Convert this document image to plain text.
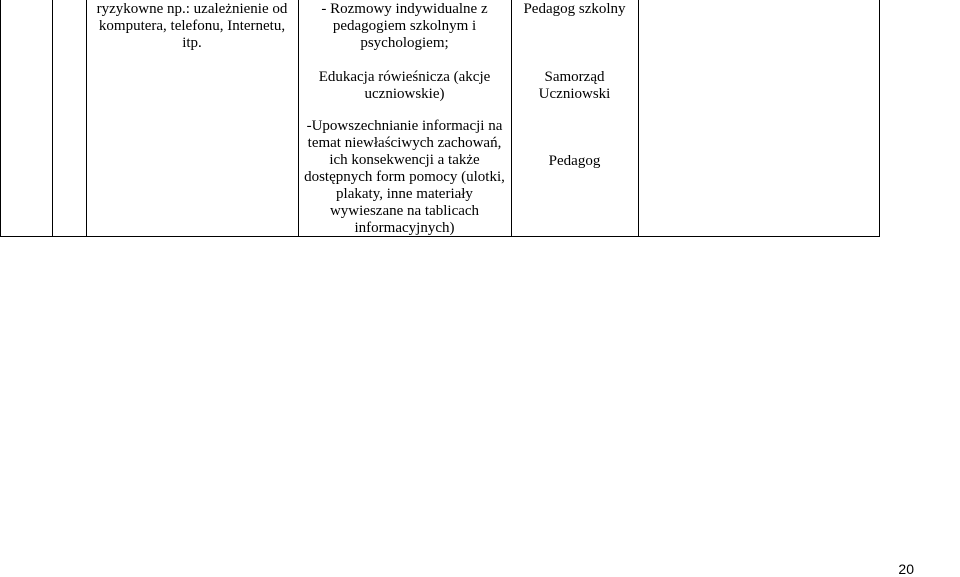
ryzykowne np.: uzależnienie od komputera, telefonu, Internetu, itp.
- Rozmowy indywidualne z pedagogiem szkolnym i psychologiem;
Edukacja rówieśnicza (akcje uczniowskie)
-Upowszechnianie informacji na temat niewłaściwych zachowań, ich konsekwencji a także dostępnych form pomocy (ulotki, plakaty, inne materiały wywieszane na tablicach informacyjnych)
Pedagog szkolny
Samorząd Uczniowski
Pedagog
20
